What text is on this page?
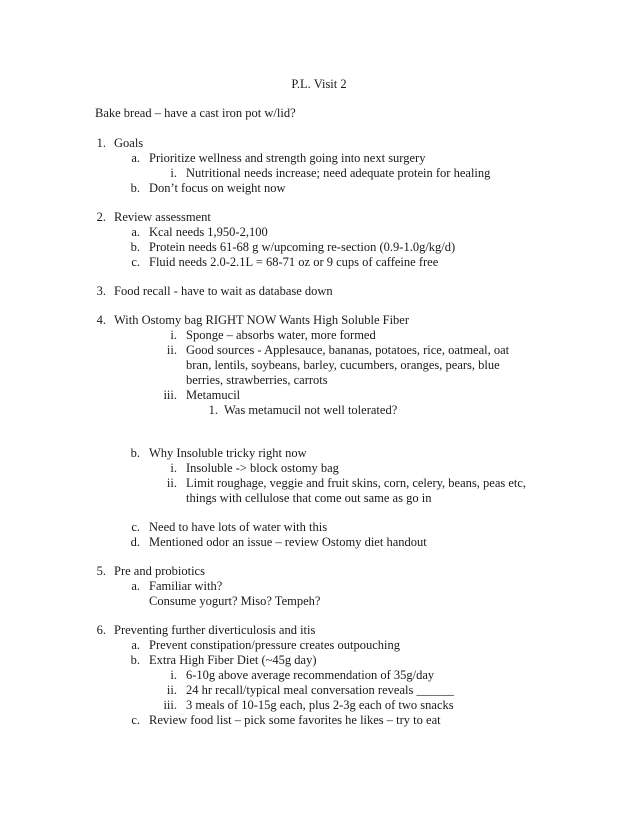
P.L. Visit 2
Bake bread – have a cast iron pot w/lid?
1. Goals
a. Prioritize wellness and strength going into next surgery
i. Nutritional needs increase; need adequate protein for healing
b. Don’t focus on weight now
2. Review assessment
a. Kcal needs 1,950-2,100
b. Protein needs 61-68 g w/upcoming re-section (0.9-1.0g/kg/d)
c. Fluid needs 2.0-2.1L = 68-71 oz or 9 cups of caffeine free
3. Food recall - have to wait as database down
4. With Ostomy bag RIGHT NOW Wants High Soluble Fiber
i. Sponge – absorbs water, more formed
ii. Good sources - Applesauce, bananas, potatoes, rice, oatmeal, oat
bran, lentils, soybeans, barley, cucumbers, oranges, pears, blue
berries, strawberries, carrots
iii. Metamucil
1. Was metamucil not well tolerated?
b. Why Insoluble tricky right now
i. Insoluble -> block ostomy bag
ii. Limit roughage, veggie and fruit skins, corn, celery, beans, peas etc,
things with cellulose that come out same as go in
c. Need to have lots of water with this
d. Mentioned odor an issue – review Ostomy diet handout
5. Pre and probiotics
a. Familiar with?
Consume yogurt? Miso? Tempeh?
6. Preventing further diverticulosis and itis
a. Prevent constipation/pressure creates outpouching
b. Extra High Fiber Diet (~45g day)
i. 6-10g above average recommendation of 35g/day
ii. 24 hr recall/typical meal conversation reveals ______
iii. 3 meals of 10-15g each, plus 2-3g each of two snacks
c. Review food list – pick some favorites he likes – try to eat
